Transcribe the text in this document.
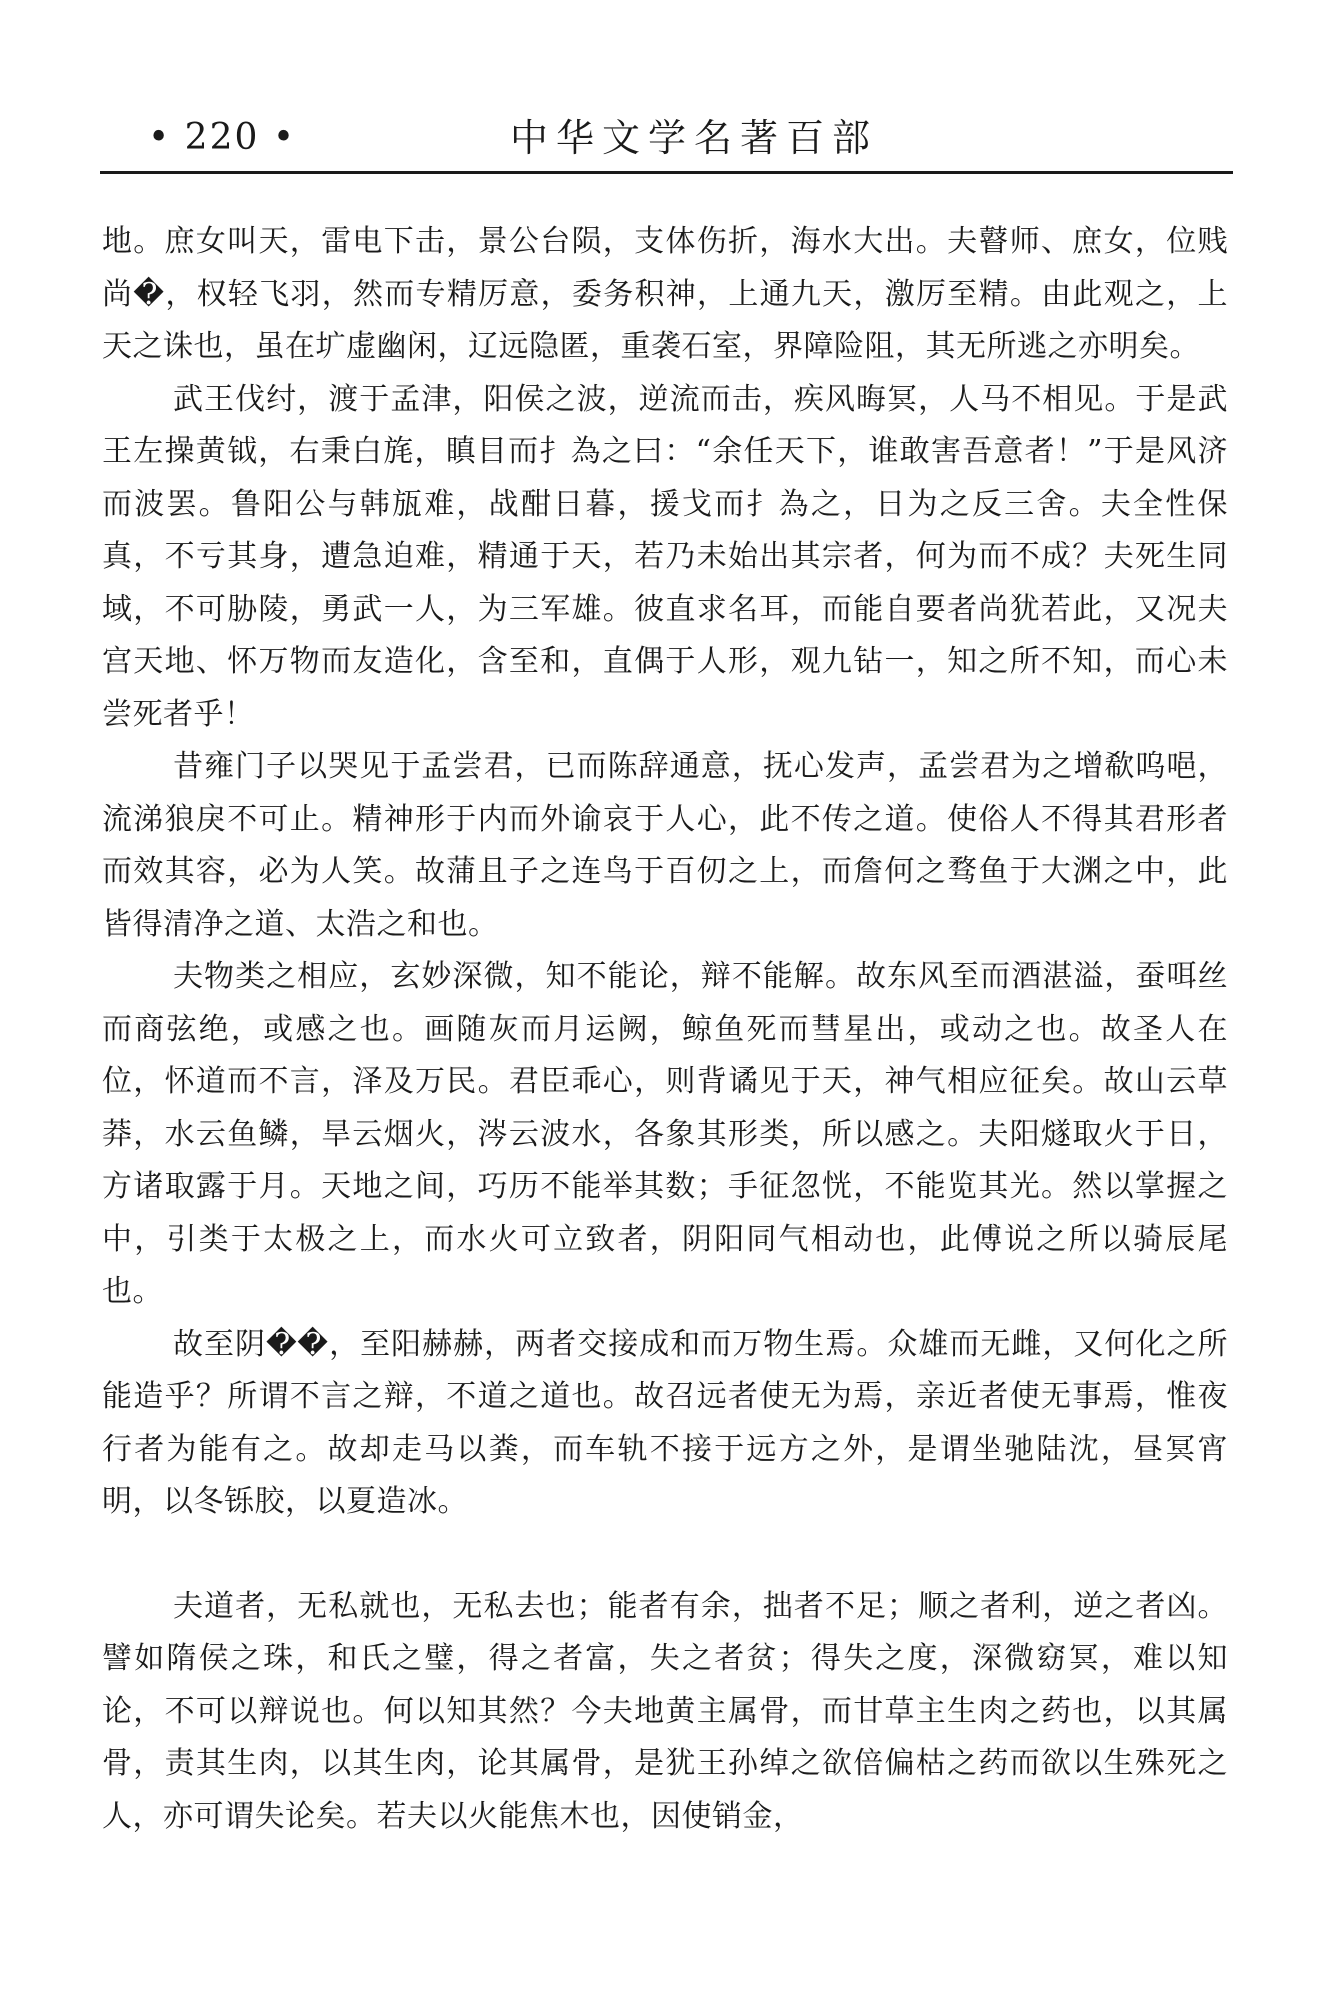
• 220 •	中华文学名著百部

地。庶女叫天，雷电下击，景公台陨，支体伤折，海水大出。夫瞽师、庶女，位贱尚�，权轻飞羽，然而专精厉意，委务积神，上通九天，激厉至精。由此观之，上天之诛也，虽在圹虚幽闲，辽远隐匿，重袭石室，界障险阻，其无所逃之亦明矣。

武王伐纣，渡于孟津，阳侯之波，逆流而击，疾风晦冥，人马不相见。于是武王左操黄钺，右秉白旄，瞋目而扌為之曰：“余任天下，谁敢害吾意者！”于是风济而波罢。鲁阳公与韩瓬难，战酣日暮，援戈而扌為之，日为之反三舍。夫全性保真，不亏其身，遭急迫难，精通于天，若乃未始出其宗者，何为而不成？夫死生同域，不可胁陵，勇武一人，为三军雄。彼直求名耳，而能自要者尚犹若此，又况夫宫天地、怀万物而友造化，含至和，直偶于人形，观九钻一，知之所不知，而心未尝死者乎！

昔雍门子以哭见于孟尝君，已而陈辞通意，抚心发声，孟尝君为之增欷呜唈，流涕狼戾不可止。精神形于内而外谕哀于人心，此不传之道。使俗人不得其君形者而效其容，必为人笑。故蒲且子之连鸟于百仞之上，而詹何之骛鱼于大渊之中，此皆得清净之道、太浩之和也。

夫物类之相应，玄妙深微，知不能论，辩不能解。故东风至而酒湛溢，蚕咡丝而商弦绝，或感之也。画随灰而月运阙，鲸鱼死而彗星出，或动之也。故圣人在位，怀道而不言，泽及万民。君臣乖心，则背谲见于天，神气相应征矣。故山云草莽，水云鱼鳞，旱云烟火，涔云波水，各象其形类，所以感之。夫阳燧取火于日，方诸取露于月。天地之间，巧历不能举其数；手征忽恍，不能览其光。然以掌握之中，引类于太极之上，而水火可立致者，阴阳同气相动也，此傅说之所以骑辰尾也。

故至阴��，至阳赫赫，两者交接成和而万物生焉。众雄而无雌，又何化之所能造乎？所谓不言之辩，不道之道也。故召远者使无为焉，亲近者使无事焉，惟夜行者为能有之。故却走马以粪，而车轨不接于远方之外，是谓坐驰陆沈，昼冥宵明，以冬铄胶，以夏造冰。

夫道者，无私就也，无私去也；能者有余，拙者不足；顺之者利，逆之者凶。譬如隋侯之珠，和氏之璧，得之者富，失之者贫；得失之度，深微窈冥，难以知论，不可以辩说也。何以知其然？今夫地黄主属骨，而甘草主生肉之药也，以其属骨，责其生肉，以其生肉，论其属骨，是犹王孙绰之欲倍偏枯之药而欲以生殊死之人，亦可谓失论矣。若夫以火能焦木也，因使销金，
